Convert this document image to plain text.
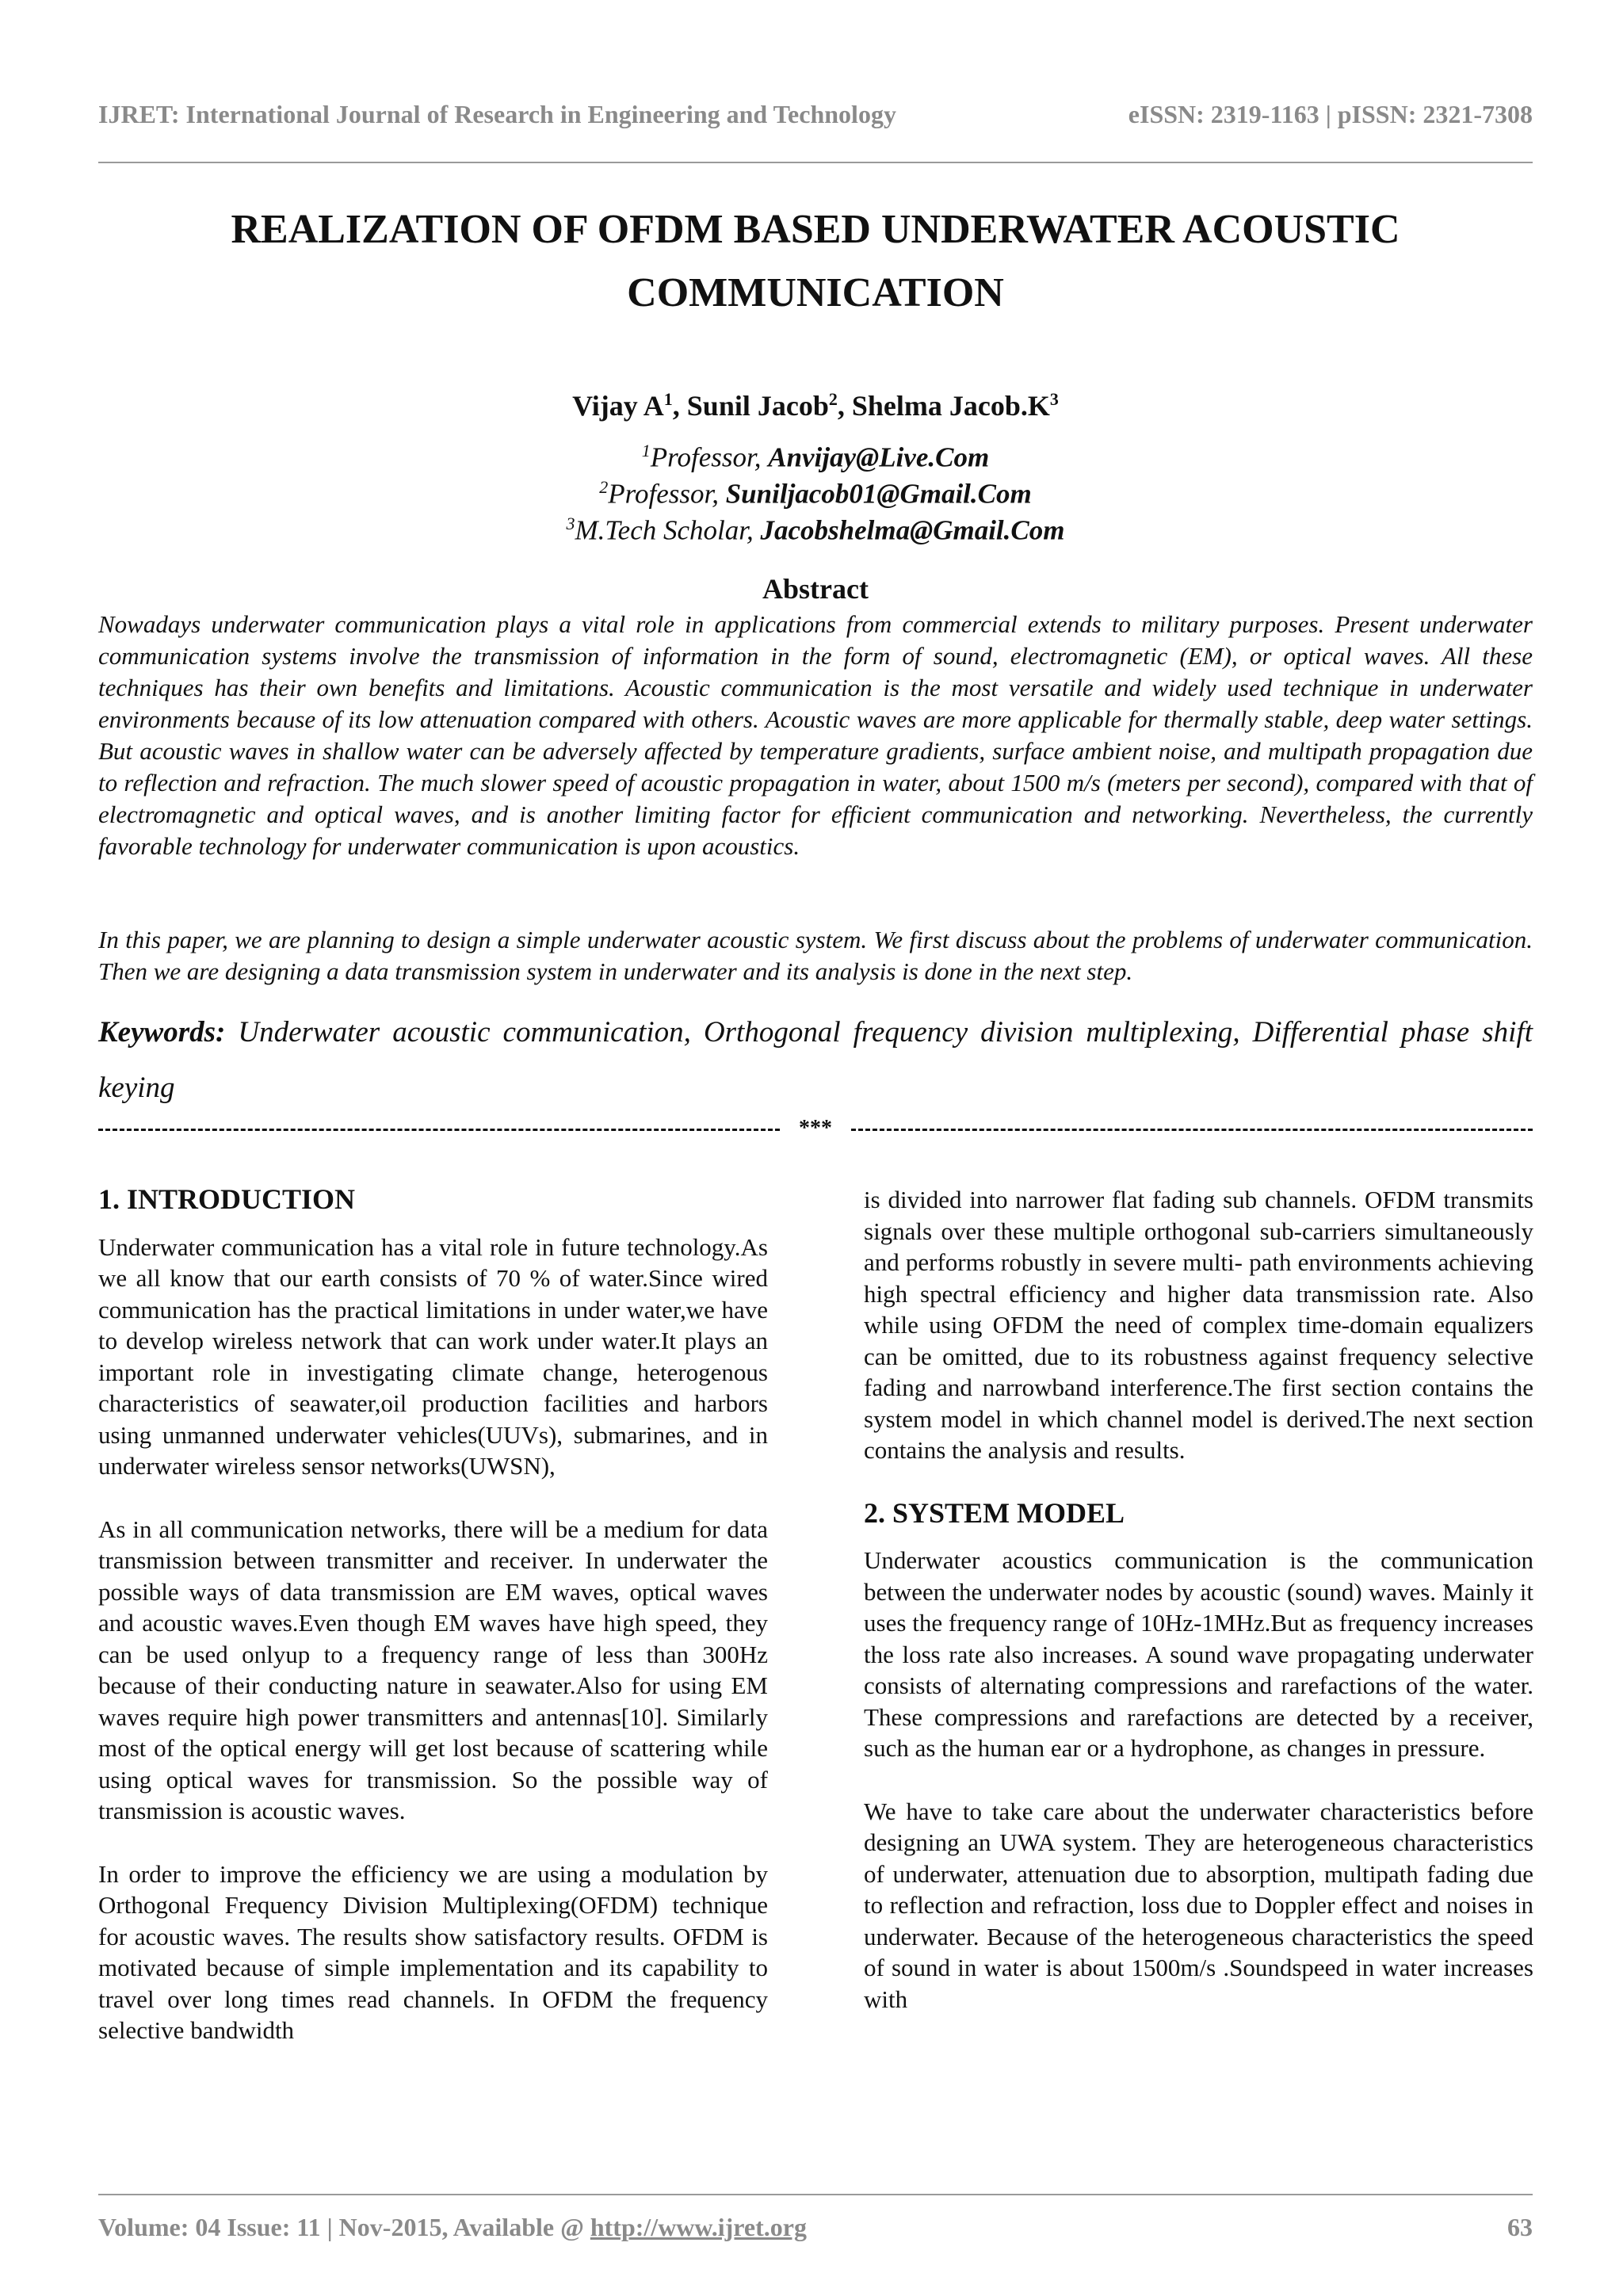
IJRET: International Journal of Research in Engineering and Technology	eISSN: 2319-1163 | pISSN: 2321-7308
REALIZATION OF OFDM BASED UNDERWATER ACOUSTIC
COMMUNICATION
Vijay $A^1$, Sunil Jacob$^2$, Shelma $Jacob.K^3$
$^1$Professor, Anvijay@Live.Com
$^2$Professor, Suniljacob01@Gmail.Com
$^3$M.Tech Scholar, Jacobshelma@Gmail.Com
Abstract
Nowadays underwater communication plays a vital role in applications from commercial extends to military purposes. Present underwater communication systems involve the transmission of information in the form of sound, electromagnetic (EM), or optical waves. All these techniques has their own benefits and limitations. Acoustic communication is the most versatile and widely used technique in underwater environments because of its low attenuation compared with others. Acoustic waves are more applicable for thermally stable, deep water settings. But acoustic waves in shallow water can be adversely affected by temperature gradients, surface ambient noise, and multipath propagation due to reflection and refraction. The much slower speed of acoustic propagation in water, about 1500 m/s (meters per second), compared with that of electromagnetic and optical waves, and is another limiting factor for efficient communication and networking. Nevertheless, the currently favorable technology for underwater communication is upon acoustics.
In this paper, we are planning to design a simple underwater acoustic system. We first discuss about the problems of underwater communication. Then we are designing a data transmission system in underwater and its analysis is done in the next step.
Keywords: Underwater acoustic communication, Orthogonal frequency division multiplexing, Differential phase shift keying
***
1. INTRODUCTION

Underwater communication has a vital role in future technology.As we all know that our earth consists of 70 % of water.Since wired communication has the practical limitations in under water,we have to develop wireless network that can work under water.It plays an important role in investigating climate change, heterogenous characteristics of seawater,oil production facilities and harbors using unmanned underwater vehicles(UUVs), submarines, and in underwater wireless sensor networks(UWSN),

As in all communication networks, there will be a medium for data transmission between transmitter and receiver. In underwater the possible ways of data transmission are EM waves, optical waves and acoustic waves.Even though EM waves have high speed, they can be used onlyup to a frequency range of less than 300Hz because of their conducting nature in seawater.Also for using EM waves require high power transmitters and antennas[10]. Similarly most of the optical energy will get lost because of scattering while using optical waves for transmission. So the possible way of transmission is acoustic waves.

In order to improve the efficiency we are using a modulation by Orthogonal Frequency Division Multiplexing(OFDM) technique for acoustic waves. The results show satisfactory results. OFDM is motivated because of simple implementation and its capability to travel over long times read channels. In OFDM the frequency selective bandwidth

is divided into narrower flat fading sub channels. OFDM transmits signals over these multiple orthogonal sub-carriers simultaneously and performs robustly in severe multi- path environments achieving high spectral efficiency and higher data transmission rate. Also while using OFDM the need of complex time-domain equalizers can be omitted, due to its robustness against frequency selective fading and narrowband interference.The first section contains the system model in which channel model is derived.The next section contains the analysis and results.

2. SYSTEM MODEL

Underwater acoustics communication is the communication between the underwater nodes by acoustic (sound) waves. Mainly it uses the frequency range of 10Hz-1MHz.But as frequency increases the loss rate also increases. A sound wave propagating underwater consists of alternating compressions and rarefactions of the water. These compressions and rarefactions are detected by a receiver, such as the human ear or a hydrophone, as changes in pressure.

We have to take care about the underwater characteristics before designing an UWA system. They are heterogeneous characteristics of underwater, attenuation due to absorption, multipath fading due to reflection and refraction, loss due to Doppler effect and noises in underwater. Because of the heterogeneous characteristics the speed of sound in water is about 1500m/s .Soundspeed in water increases with

Volume: 04 Issue: 11 | Nov-2015, Available @ http://www.ijret.org	63
